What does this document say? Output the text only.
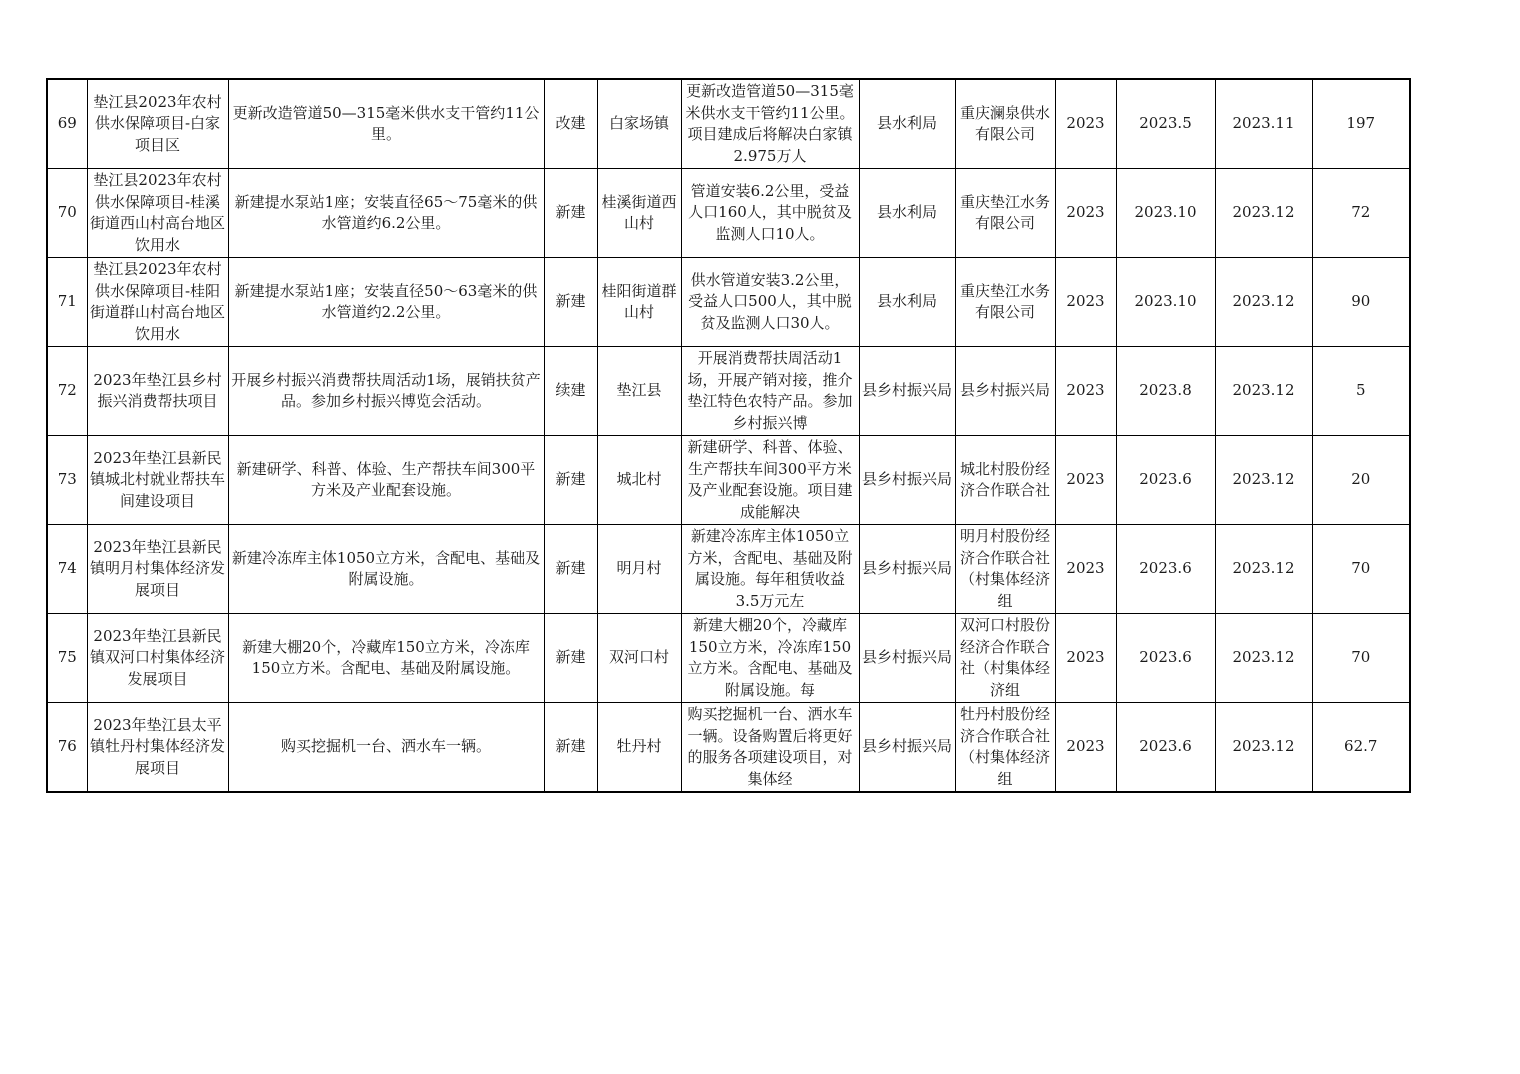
69	垫江县2023年农村供水保障项目-白家项目区	更新改造管道50—315毫米供水支干管约11公里。	改建	白家场镇	更新改造管道50—315毫米供水支干管约11公里。项目建成后将解决白家镇2.975万人	县水利局	重庆澜泉供水有限公司	2023	2023.5	2023.11	197

70	垫江县2023年农村供水保障项目-桂溪街道西山村高台地区饮用水	新建提水泵站1座；安装直径65～75毫米的供水管道约6.2公里。	新建	桂溪街道西山村	管道安装6.2公里，受益人口160人，其中脱贫及监测人口10人。	县水利局	重庆垫江水务有限公司	2023	2023.10	2023.12	72

71	垫江县2023年农村供水保障项目-桂阳街道群山村高台地区饮用水	新建提水泵站1座；安装直径50～63毫米的供水管道约2.2公里。	新建	桂阳街道群山村	供水管道安装3.2公里，受益人口500人，其中脱贫及监测人口30人。	县水利局	重庆垫江水务有限公司	2023	2023.10	2023.12	90

72	2023年垫江县乡村振兴消费帮扶项目	开展乡村振兴消费帮扶周活动1场，展销扶贫产品。参加乡村振兴博览会活动。	续建	垫江县	开展消费帮扶周活动1场，开展产销对接，推介垫江特色农特产品。参加乡村振兴博	县乡村振兴局	县乡村振兴局	2023	2023.8	2023.12	5

73	2023年垫江县新民镇城北村就业帮扶车间建设项目	新建研学、科普、体验、生产帮扶车间300平方米及产业配套设施。	新建	城北村	新建研学、科普、体验、生产帮扶车间300平方米及产业配套设施。项目建成能解决	县乡村振兴局	城北村股份经济合作联合社	2023	2023.6	2023.12	20

74	2023年垫江县新民镇明月村集体经济发展项目	新建冷冻库主体1050立方米，含配电、基础及附属设施。	新建	明月村	新建冷冻库主体1050立方米，含配电、基础及附属设施。每年租赁收益3.5万元左	县乡村振兴局	明月村股份经济合作联合社（村集体经济组	2023	2023.6	2023.12	70

75	2023年垫江县新民镇双河口村集体经济发展项目	新建大棚20个，冷藏库150立方米，冷冻库150立方米。含配电、基础及附属设施。	新建	双河口村	新建大棚20个，冷藏库150立方米，冷冻库150立方米。含配电、基础及附属设施。每	县乡村振兴局	双河口村股份经济合作联合社（村集体经济组	2023	2023.6	2023.12	70

76	2023年垫江县太平镇牡丹村集体经济发展项目	购买挖掘机一台、洒水车一辆。	新建	牡丹村	购买挖掘机一台、洒水车一辆。设备购置后将更好的服务各项建设项目，对集体经	县乡村振兴局	牡丹村股份经济合作联合社（村集体经济组	2023	2023.6	2023.12	62.7
